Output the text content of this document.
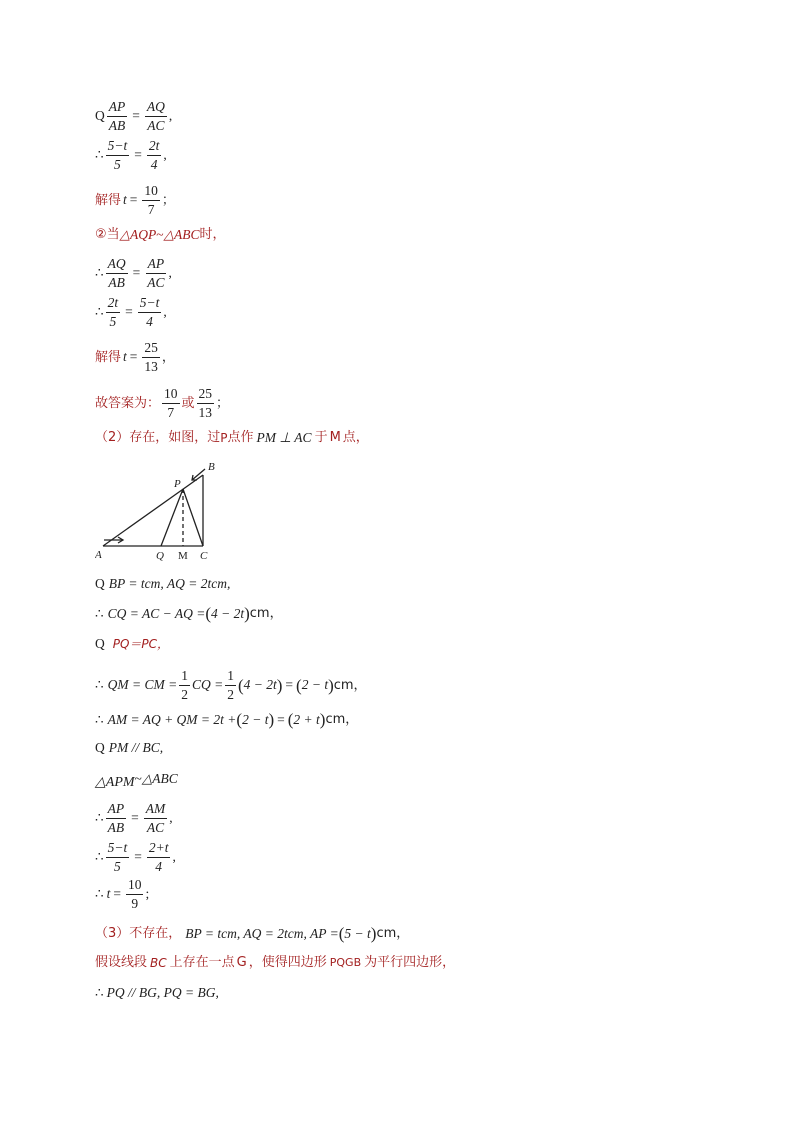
Q $\frac{AP}{AB} = \frac{AQ}{AC}$ ,
∴ $\frac{5-t}{5} = \frac{2t}{4}$ ,
解得 $t = \frac{10}{7}$ ；
②当 △AQP ~ △ABC 时，
∴ $\frac{AQ}{AB} = \frac{AP}{AC}$ ,
∴ $\frac{2t}{5} = \frac{5-t}{4}$ ,
解得 $t = \frac{25}{13}$ ，
故答案为： $\frac{10}{7}$ 或 $\frac{25}{13}$ ；
（2）存在，如图，过 P 点作 PM ⊥ AC 于 M 点，
A
B
C
P
Q M
Q BP = tcm, AQ = 2tcm,
∴ CQ = AC − AQ = ( 4 − 2t ) cm，
Q PQ＝PC，
∴ QM = CM = $\frac{1}{2}$ CQ = $\frac{1}{2}$ ( 4 − 2t ) = ( 2 − t ) cm，
∴ AM = AQ + QM = 2t + ( 2 − t ) = ( 2 + t ) cm，
Q PM // BC,
△APM ~ △ABC
∴ $\frac{AP}{AB} = \frac{AM}{AC}$ ,
∴ $\frac{5-t}{5} = \frac{2+t}{4}$ ,
∴ $t = \frac{10}{9}$ ;
（3）不存在， BP = tcm, AQ = 2tcm, AP = ( 5 − t ) cm，
假设线段 BC 上存在一点 G ，使得四边形 PQGB 为平行四边形，
∴ PQ // BG, PQ = BG,
